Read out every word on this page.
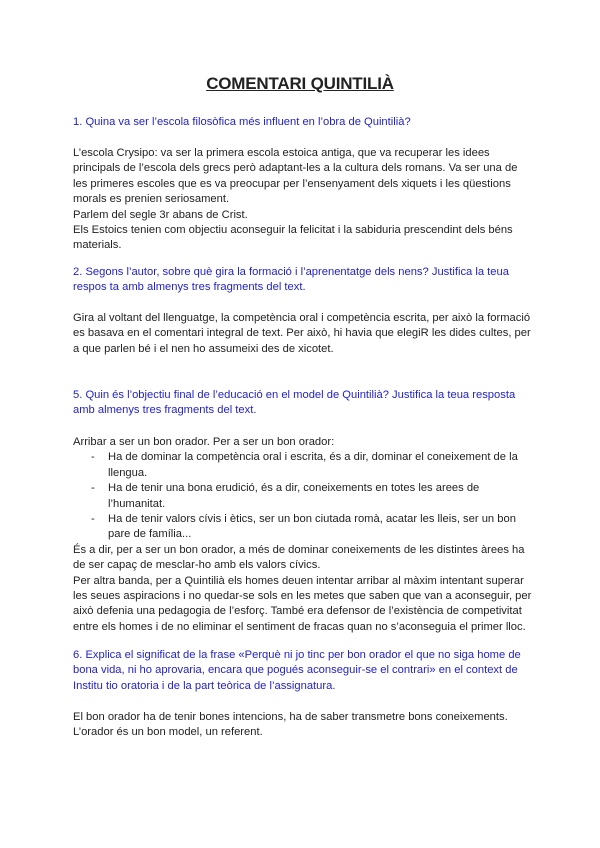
COMENTARI QUINTILIÀ

1. Quina va ser l’escola filosòfica més influent en l’obra de Quintilià?

L’escola Crysipo: va ser la primera escola estoica antiga, que va recuperar les idees principals de l’escola dels grecs però adaptant-les a la cultura dels romans. Va ser una de les primeres escoles que es va preocupar per l’ensenyament dels xiquets i les qüestions morals es prenien seriosament.

Parlem del segle 3r abans de Crist.

Els Estoics tenien com objectiu aconseguir la felicitat i la sabiduria prescendint dels béns materials.

2. Segons l’autor, sobre què gira la formació i l’aprenentatge dels nens? Justifica la teua respos ta amb almenys tres fragments del text.

Gira al voltant del llenguatge, la competència oral i competència escrita, per això la formació es basava en el comentari integral de text. Per això, hi havia que elegiR les dides cultes, per a que parlen bé i el nen ho assumeixi des de xicotet.

5. Quin és l’objectiu final de l’educació en el model de Quintilià? Justifica la teua resposta amb almenys tres fragments del text.

Arribar a ser un bon orador. Per a ser un bon orador:

- Ha de dominar la competència oral i escrita, és a dir, dominar el coneixement de la llengua.
- Ha de tenir una bona erudició, és a dir, coneixements en totes les arees de l’humanitat.
- Ha de tenir valors cívis i ètics, ser un bon ciutada romà, acatar les lleis, ser un bon pare de família...

És a dir, per a ser un bon orador, a més de dominar coneixements de les distintes àrees ha de ser capaç de mesclar-ho amb els valors cívics.

Per altra banda, per a Quintilià els homes deuen intentar arribar al màxim intentant superar les seues aspiracions i no quedar-se sols en les metes que saben que van a aconseguir, per això defenia una pedagogia de l’esforç. També era defensor de l’existència de competivitat entre els homes i de no eliminar el sentiment de fracas quan no s’aconseguia el primer lloc.

6. Explica el significat de la frase «Perquè ni jo tinc per bon orador el que no siga home de bona vida, ni ho aprovaria, encara que pogués aconseguir-se el contrari» en el context de Institu tio oratoria i de la part teòrica de l’assignatura.

El bon orador ha de tenir bones intencions, ha de saber transmetre bons coneixements.

L’orador és un bon model, un referent.
